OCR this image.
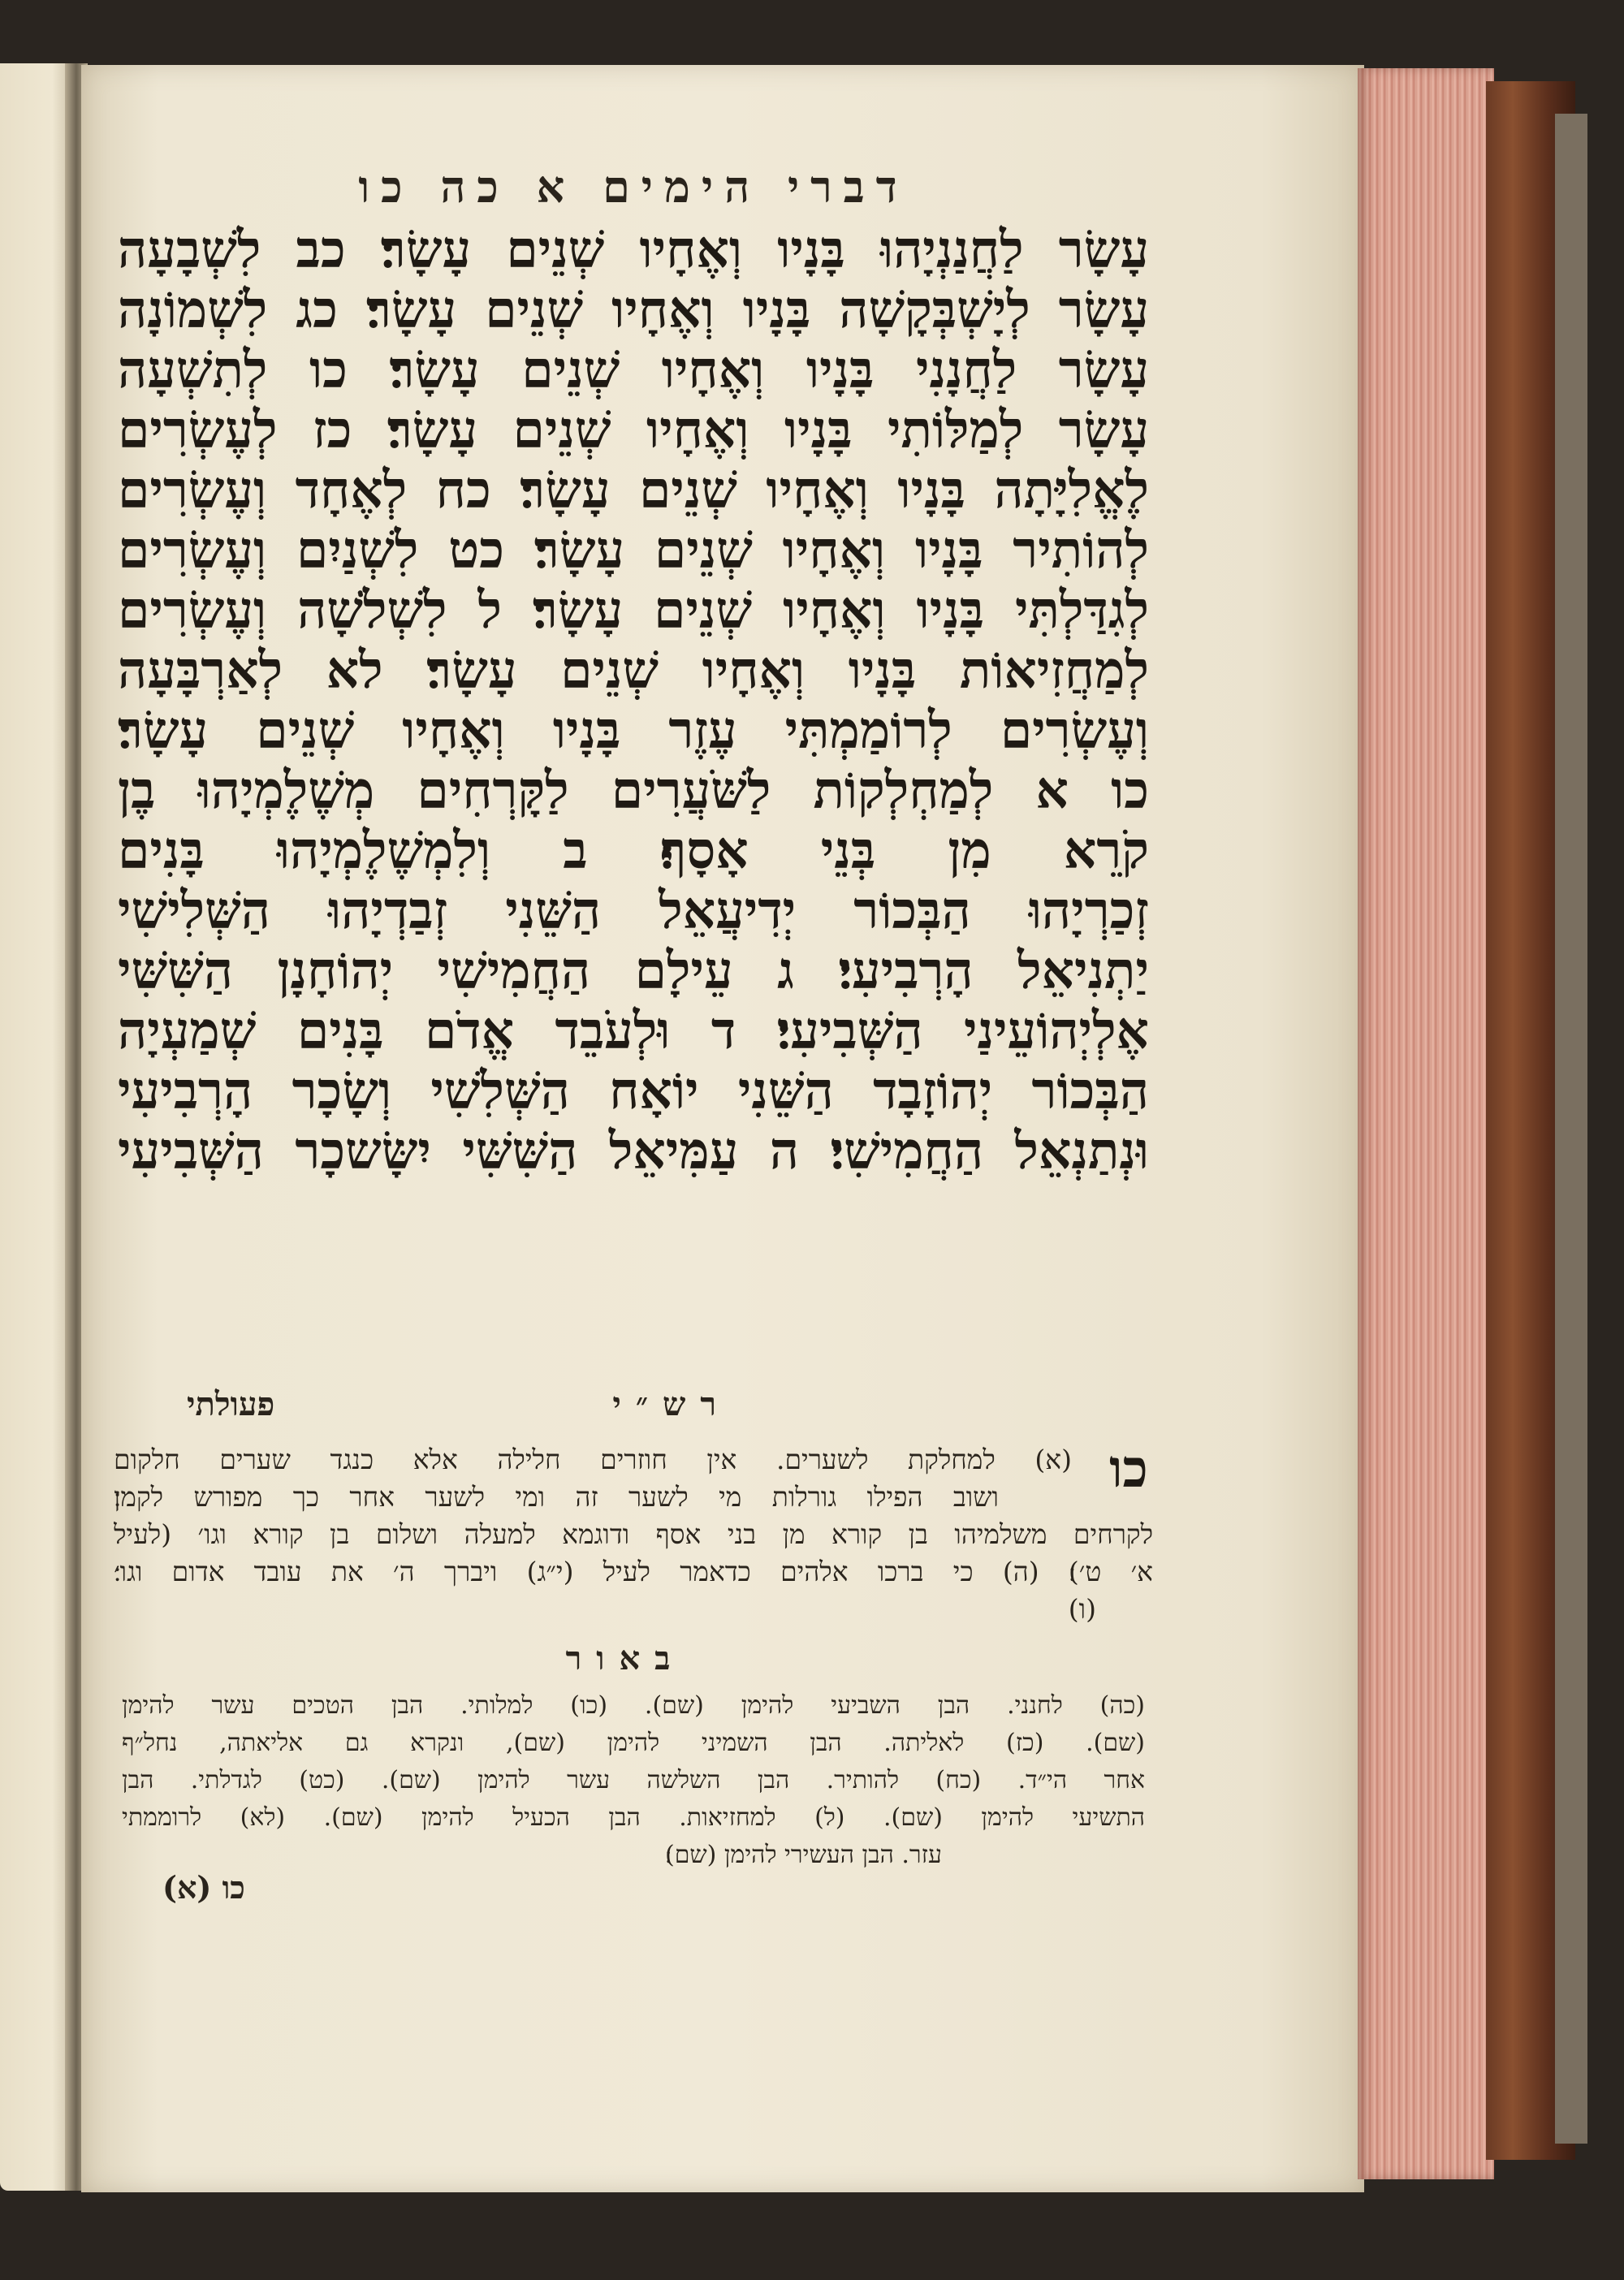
דברי הימים א כה כו
עָשָׂר לַחֲנַנְיָהוּ בָּנָיו וְאֶחָיו שְׁנֵים עָשָׂר׃ כב לִשְׁבָעָה
עָשָׂר לְיָשְׁבְּקָשָׁה בָּנָיו וְאֶחָיו שְׁנֵים עָשָׂר׃ כג לִשְׁמוֹנָה
עָשָׂר לַחֲנָנִי בָּנָיו וְאֶחָיו שְׁנֵים עָשָׂר׃ כו לְתִשְׁעָה
עָשָׂר לְמַלּוֹתִי בָּנָיו וְאֶחָיו שְׁנֵים עָשָׂר׃ כז לְעֶשְׂרִים
לֶאֱלִיָּתָה בָּנָיו וְאֶחָיו שְׁנֵים עָשָׂר׃ כח לְאֶחָד וְעֶשְׂרִים
לְהוֹתִיר בָּנָיו וְאֶחָיו שְׁנֵים עָשָׂר׃ כט לִשְׁנַיִם וְעֶשְׂרִים
לְגִדַּלְתִּי בָּנָיו וְאֶחָיו שְׁנֵים עָשָׂר׃ ל לִשְׁלֹשָׁה וְעֶשְׂרִים
לְמַחֲזִיאוֹת בָּנָיו וְאֶחָיו שְׁנֵים עָשָׂר׃ לא לְאַרְבָּעָה
וְעֶשְׂרִים לְרוֹמַמְתִּי עֶזֶר בָּנָיו וְאֶחָיו שְׁנֵים עָשָׂר׃
כו א לְמַחְלְקוֹת לַשֹּׁעֲרִים לַקָּרְחִים מְשֶׁלֶמְיָהוּ בֶן
קֹרֵא מִן בְּנֵי אָסָף׃ ב וְלִמְשֶׁלֶמְיָהוּ בָּנִים
זְכַרְיָהוּ הַבְּכוֹר יְדִיעֲאֵל הַשֵּׁנִי זְבַדְיָהוּ הַשְּׁלִישִׁי
יַתְנִיאֵל הָרְבִיעִי׃ ג עֵילָם הַחֲמִישִׁי יְהוֹחָנָן הַשִּׁשִּׁי
אֶלְיְהוֹעֵינַי הַשְּׁבִיעִי׃ ד וּלְעֹבֵד אֱדֹם בָּנִים שְׁמַעְיָה
הַבְּכוֹר יְהוֹזָבָד הַשֵּׁנִי יוֹאָח הַשְּׁלִשִׁי וְשָׂכָר הָרְבִיעִי
וּנְתַנְאֵל הַחֲמִישִׁי׃ ה עַמִּיאֵל הַשִּׁשִּׁי יִשָּׂשכָר הַשְּׁבִיעִי
רש״י
פעולתי
כו
(א) למחלקת לשערים. אין חוזרים חלילה אלא כנגד שערים חלקום
ושוב הפילו גורלות מי לשער זה ומי לשער אחר כך מפורש לקמן׃
לקרחים משלמיהו בן קורא מן בני אסף ודוגמא למעלה ושלום בן קורא וגו׳ (לעיל
א׳ ט׳)׃ (ה) כי ברכו אלהים כדאמר לעיל (י״ג) ויברך ה׳ את עובד אדום וגו׳׃
(ו)
באור
(כה) לחנני. הבן השביעי להימן (שם). (כו) למלותי. הבן הטכים עשר להימן
(שם). (כז) לאליתה. הבן השמיני להימן (שם), ונקרא גם אליאתה, נחל״ף
אחר הי״ד. (כח) להותיר. הבן השלשה עשר להימן (שם). (כט) לגדלתי. הבן
התשיעי להימן (שם). (ל) למחזיאות. הבן הכעיל להימן (שם). (לא) לרוממתי
עזר. הבן העשירי להימן (שם)׃
כו (א)
